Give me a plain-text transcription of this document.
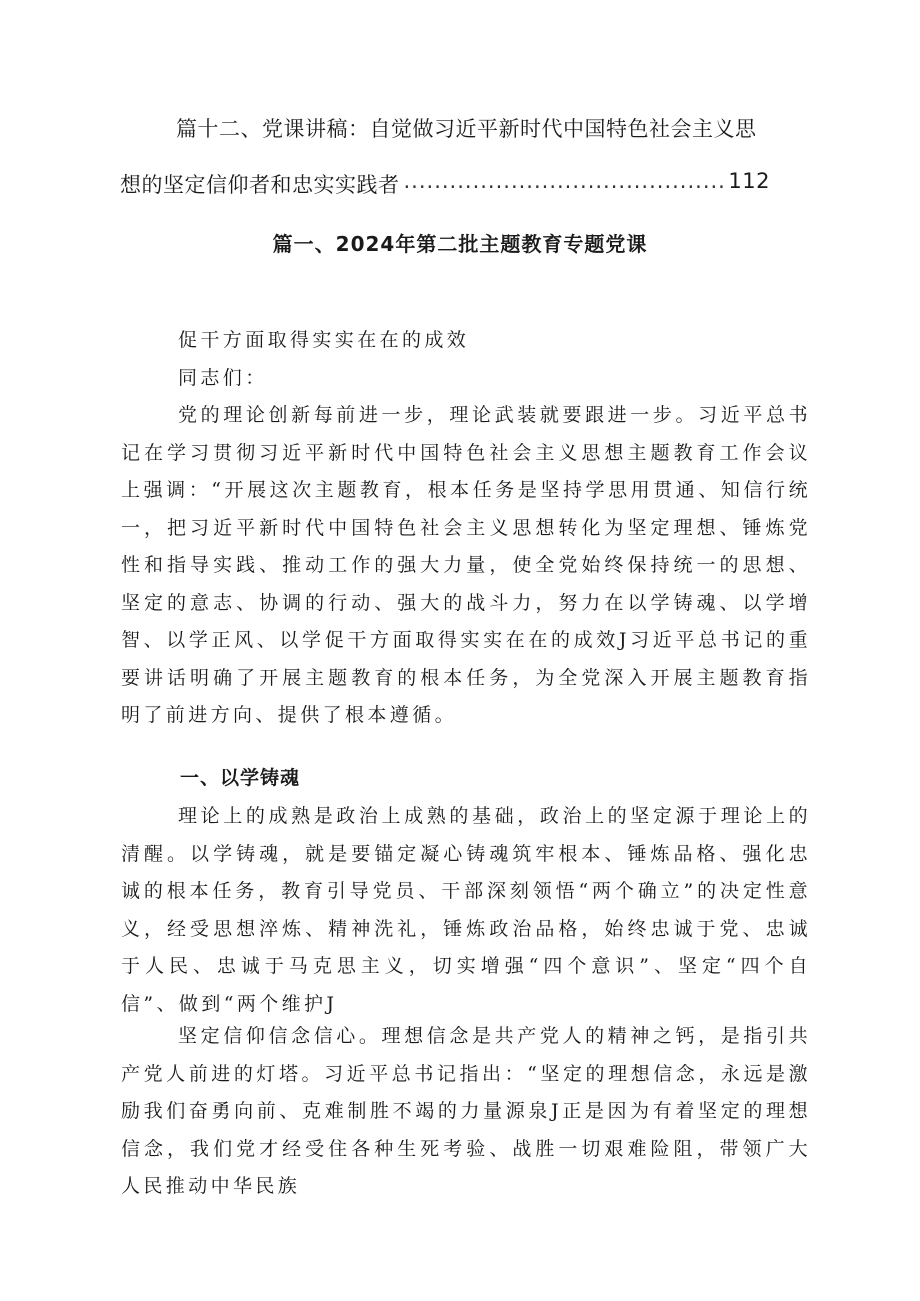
篇十二、党课讲稿：自觉做习近平新时代中国特色社会主义思
想的坚定信仰者和忠实实践者
.....	112
篇一、2024年第二批主题教育专题党课

促干方面取得实实在在的成效

同志们：

党的理论创新每前进一步，理论武装就要跟进一步。习近平总书记在学习贯彻习近平新时代中国特色社会主义思想主题教育工作会议上强调：“开展这次主题教育，根本任务是坚持学思用贯通、知信行统一，把习近平新时代中国特色社会主义思想转化为坚定理想、锤炼党性和指导实践、推动工作的强大力量，使全党始终保持统一的思想、坚定的意志、协调的行动、强大的战斗力，努力在以学铸魂、以学增智、以学正风、以学促干方面取得实实在在的成效J习近平总书记的重要讲话明确了开展主题教育的根本任务，为全党深入开展主题教育指明了前进方向、提供了根本遵循。

一、以学铸魂

理论上的成熟是政治上成熟的基础，政治上的坚定源于理论上的清醒。以学铸魂，就是要锚定凝心铸魂筑牢根本、锤炼品格、强化忠诚的根本任务，教育引导党员、干部深刻领悟“两个确立”的决定性意义，经受思想淬炼、精神洗礼，锤炼政治品格，始终忠诚于党、忠诚于人民、忠诚于马克思主义，切实增强“四个意识”、坚定“四个自信”、做到“两个维护J

坚定信仰信念信心。理想信念是共产党人的精神之钙，是指引共产党人前进的灯塔。习近平总书记指出：“坚定的理想信念，永远是激励我们奋勇向前、克难制胜不竭的力量源泉J正是因为有着坚定的理想信念，我们党才经受住各种生死考验、战胜一切艰难险阻，带领广大人民推动中华民族
